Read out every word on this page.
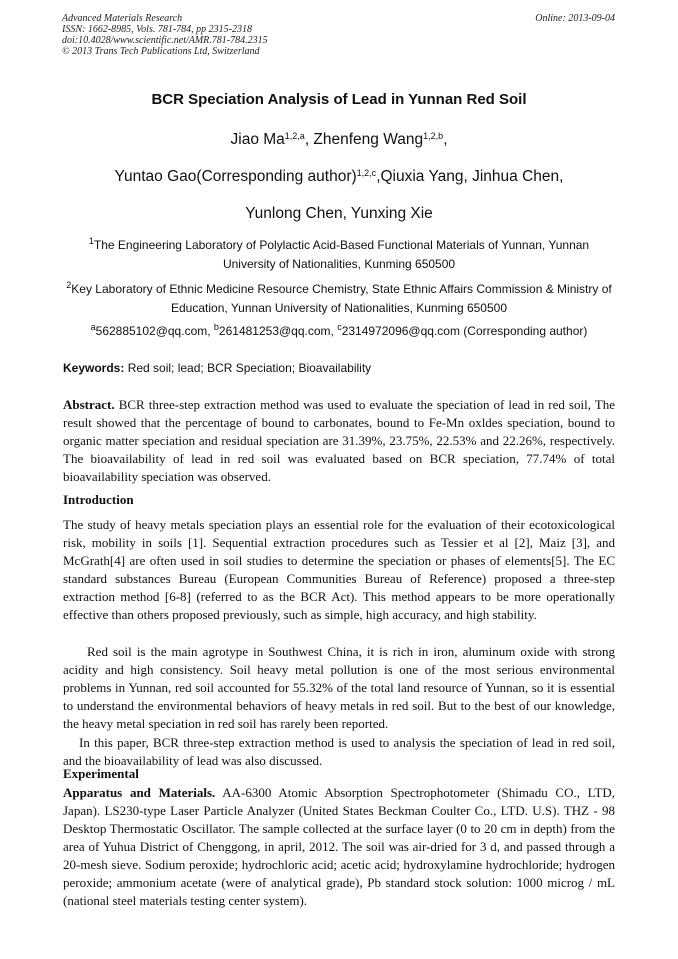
Advanced Materials Research
ISSN: 1662-8985, Vols. 781-784, pp 2315-2318
doi:10.4028/www.scientific.net/AMR.781-784.2315
© 2013 Trans Tech Publications Ltd, Switzerland
Online: 2013-09-04
BCR Speciation Analysis of Lead in Yunnan Red Soil
Jiao Ma$^{1,2,a}$, Zhenfeng Wang$^{1,2,b}$,
Yuntao Gao(Corresponding author)$^{1,2,c}$,Qiuxia Yang, Jinhua Chen,
Yunlong Chen, Yunxing Xie
$^1$The Engineering Laboratory of Polylactic Acid-Based Functional Materials of Yunnan, Yunnan University of Nationalities, Kunming 650500
$^2$Key Laboratory of Ethnic Medicine Resource Chemistry, State Ethnic Affairs Commission & Ministry of Education, Yunnan University of Nationalities, Kunming 650500
$^a$562885102@qq.com, $^b$261481253@qq.com, $^c$2314972096@qq.com (Corresponding author)
Keywords: Red soil; lead; BCR Speciation; Bioavailability
Abstract. BCR three-step extraction method was used to evaluate the speciation of lead in red soil, The result showed that the percentage of bound to carbonates, bound to Fe-Mn oxldes speciation, bound to organic matter speciation and residual speciation are 31.39%, 23.75%, 22.53% and 22.26%, respectively. The bioavailability of lead in red soil was evaluated based on BCR speciation, 77.74% of total bioavailability speciation was observed.
Introduction
The study of heavy metals speciation plays an essential role for the evaluation of their ecotoxicological risk, mobility in soils [1]. Sequential extraction procedures such as Tessier et al [2], Maiz [3], and McGrath[4] are often used in soil studies to determine the speciation or phases of elements[5]. The EC standard substances Bureau (European Communities Bureau of Reference) proposed a three-step extraction method [6-8] (referred to as the BCR Act). This method appears to be more operationally effective than others proposed previously, such as simple, high accuracy, and high stability.
Red soil is the main agrotype in Southwest China, it is rich in iron, aluminum oxide with strong acidity and high consistency. Soil heavy metal pollution is one of the most serious environmental problems in Yunnan, red soil accounted for 55.32% of the total land resource of Yunnan, so it is essential to understand the environmental behaviors of heavy metals in red soil. But to the best of our knowledge, the heavy metal speciation in red soil has rarely been reported.
In this paper, BCR three-step extraction method is used to analysis the speciation of lead in red soil, and the bioavailability of lead was also discussed.
Experimental
Apparatus and Materials. AA-6300 Atomic Absorption Spectrophotometer (Shimadu CO., LTD, Japan). LS230-type Laser Particle Analyzer (United States Beckman Coulter Co., LTD. U.S). THZ - 98 Desktop Thermostatic Oscillator. The sample collected at the surface layer (0 to 20 cm in depth) from the area of Yuhua District of Chenggong, in april, 2012. The soil was air-dried for 3 d, and passed through a 20-mesh sieve. Sodium peroxide; hydrochloric acid; acetic acid; hydroxylamine hydrochloride; hydrogen peroxide; ammonium acetate (were of analytical grade), Pb standard stock solution: 1000 microg / mL (national steel materials testing center system).
